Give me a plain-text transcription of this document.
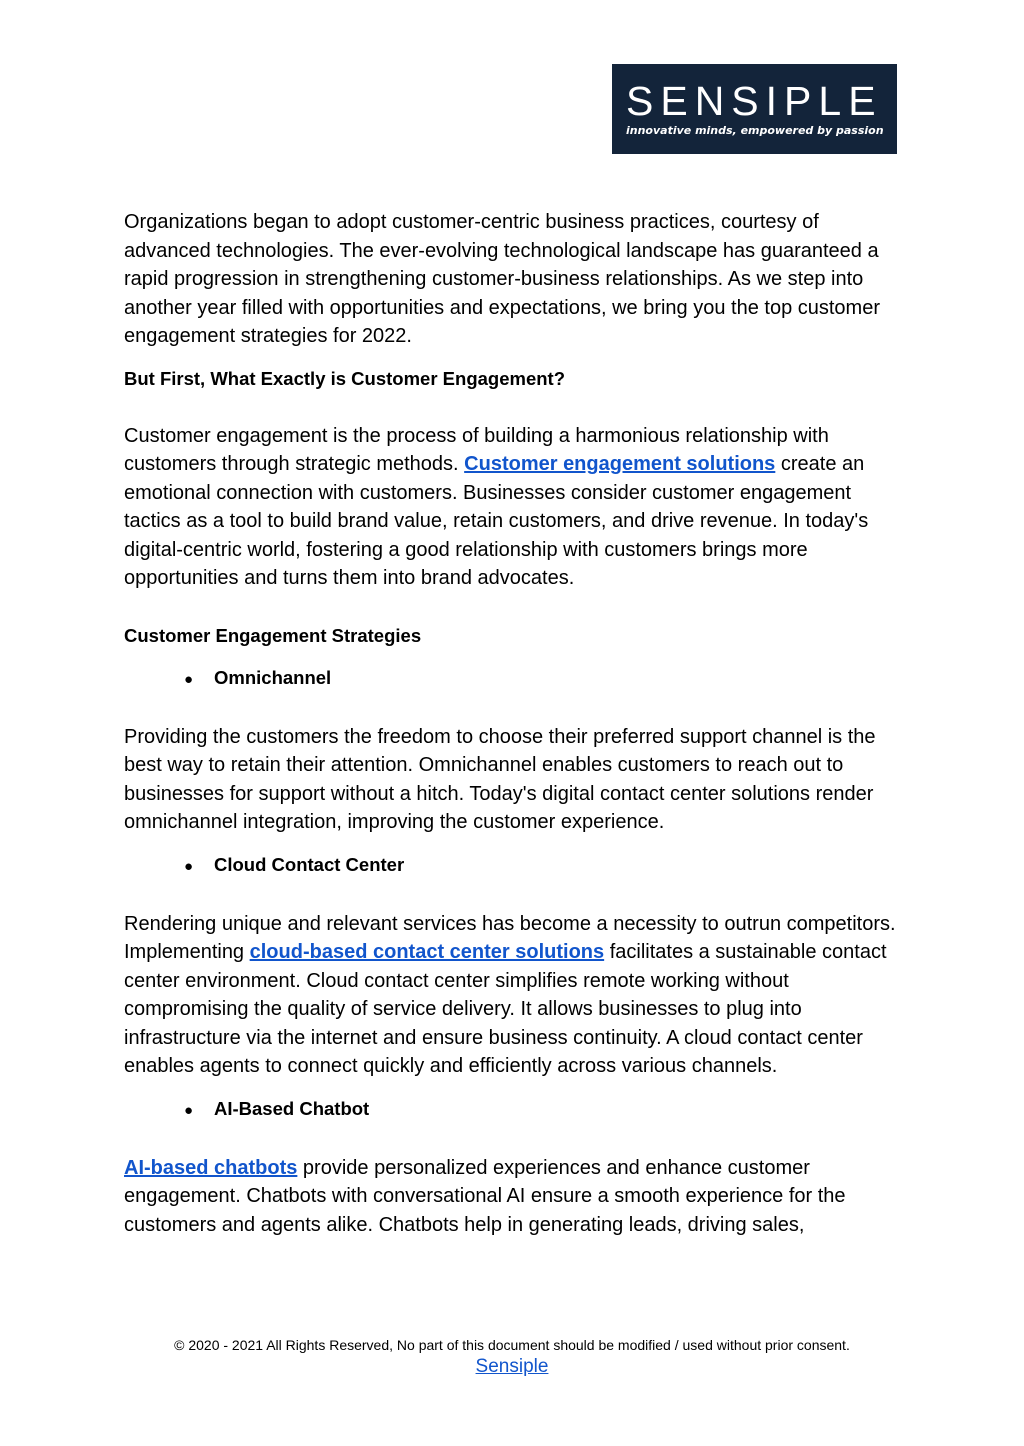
SENSIPLE
innovative minds, empowered by passion

Organizations began to adopt customer-centric business practices, courtesy of advanced technologies. The ever-evolving technological landscape has guaranteed a rapid progression in strengthening customer-business relationships. As we step into another year filled with opportunities and expectations, we bring you the top customer engagement strategies for 2022.

But First, What Exactly is Customer Engagement?

Customer engagement is the process of building a harmonious relationship with customers through strategic methods. Customer engagement solutions create an emotional connection with customers. Businesses consider customer engagement tactics as a tool to build brand value, retain customers, and drive revenue. In today's digital-centric world, fostering a good relationship with customers brings more opportunities and turns them into brand advocates.

Customer Engagement Strategies

●	Omnichannel

Providing the customers the freedom to choose their preferred support channel is the best way to retain their attention. Omnichannel enables customers to reach out to businesses for support without a hitch. Today's digital contact center solutions render omnichannel integration, improving the customer experience.

●	Cloud Contact Center

Rendering unique and relevant services has become a necessity to outrun competitors. Implementing cloud-based contact center solutions facilitates a sustainable contact center environment. Cloud contact center simplifies remote working without compromising the quality of service delivery. It allows businesses to plug into infrastructure via the internet and ensure business continuity. A cloud contact center enables agents to connect quickly and efficiently across various channels.

●	AI-Based Chatbot

AI-based chatbots provide personalized experiences and enhance customer engagement. Chatbots with conversational AI ensure a smooth experience for the customers and agents alike. Chatbots help in generating leads, driving sales,

© 2020 - 2021 All Rights Reserved, No part of this document should be modified / used without prior consent.
Sensiple
